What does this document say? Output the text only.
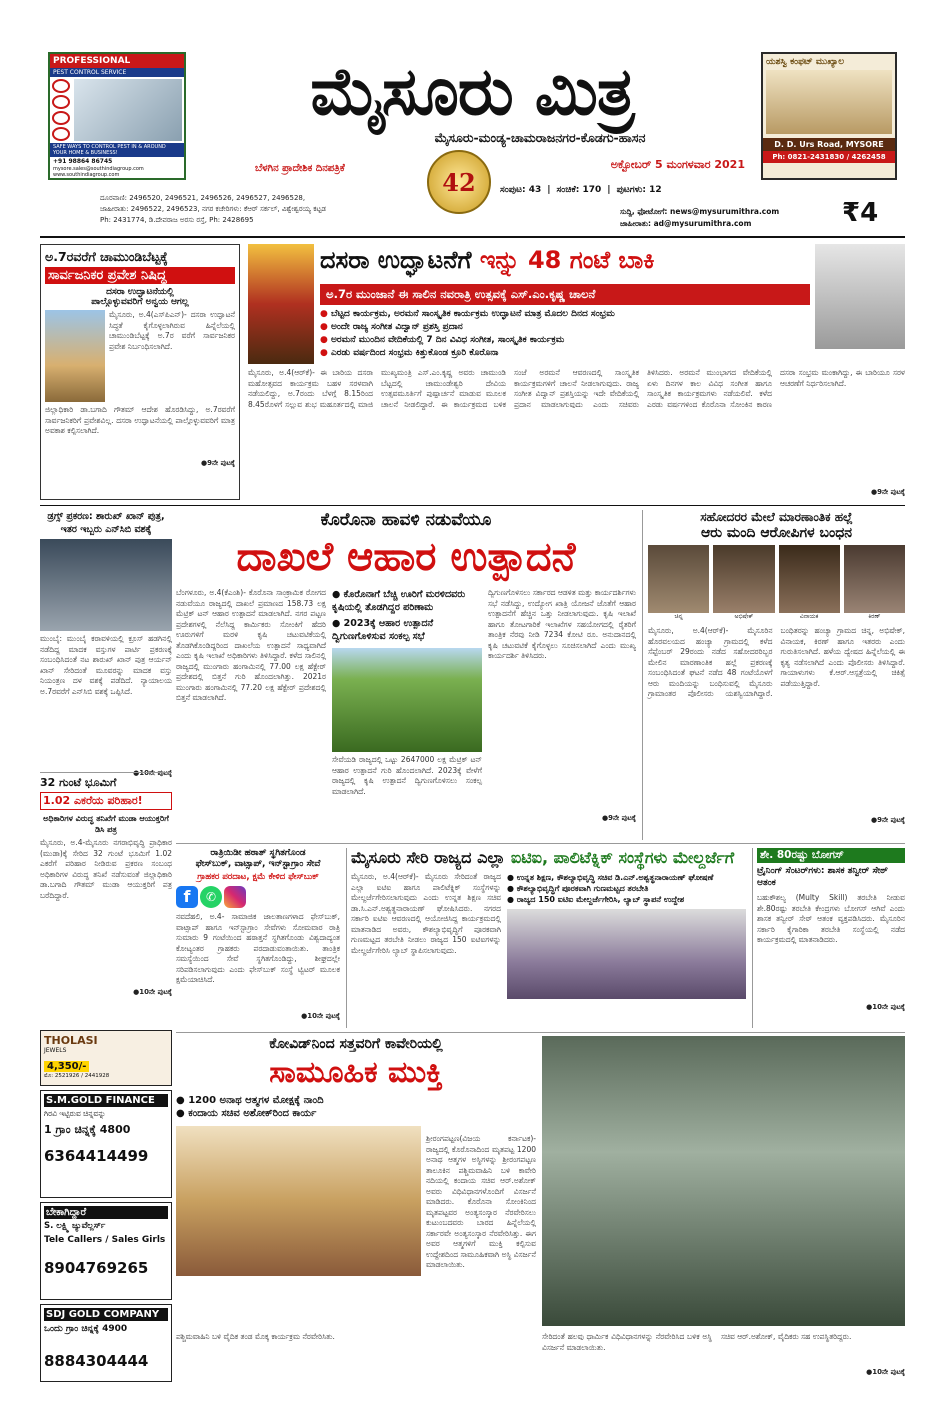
PROFESSIONAL
PEST CONTROL SERVICE
SAFE WAYS TO CONTROL PEST IN & AROUND YOUR HOME & BUSINESS!
+91 98864 86745
mysore.sales@southindiagroup.com
www.southindiagroup.com
ಮೈಸೂರು ಮಿತ್ರ
ಮೈಸೂರು-ಮಂಡ್ಯ-ಚಾಮರಾಜನಗರ-ಕೊಡಗು-ಹಾಸನ
ಬೆಳಗಿನ ಪ್ರಾದೇಶಿಕ ದಿನಪತ್ರಿಕೆ	42
ಅಕ್ಟೋಬರ್ 5 ಮಂಗಳವಾರ 2021
ಯಶಸ್ವಿ ಕಂಫಟ್ ಮುಖ್ಯಾಲ
D. D. Urs Road, MYSORE
Ph: 0821-2431830 / 4262458
ದೂರವಾಣಿ: 2496520, 2496521, 2496526, 2496527, 2496528,
ಜಾಹೀರಾತು: 2496522, 2496523, ನಗರ ಕಚೇರಿಗಳು: ಕೆಆರ್ ಸರ್ಕಲ್, ವಿಶ್ವೇಶ್ವರಯ್ಯ ಕಟ್ಟಡ
Ph: 2431774, ಡಿ.ದೇವರಾಜ ಅರಸು ರಸ್ತೆ, Ph: 2428695
ಸಂಪುಟ: 43 | ಸಂಚಿಕೆ: 170 | ಪುಟಗಳು: 12
ಸುದ್ದಿ, ಫೋಟೋಗೆ: news@mysurumithra.com
ಜಾಹೀರಾತು: ad@mysurumithra.com	₹4
ಅ.7ರವರೆಗೆ ಚಾಮುಂಡಿಬೆಟ್ಟಕ್ಕೆ
ಸಾರ್ವಜನಿಕರ ಪ್ರವೇಶ ನಿಷಿದ್ಧ
ದಸರಾ ಉದ್ಘಾಟನೆಯಲ್ಲಿ
ಪಾಲ್ಗೊಳ್ಳುವವರಿಗೆ ಅನ್ವಯ ಆಗಲ್ಲ
ಮೈಸೂರು, ಅ.4(ಎಸ್‌ಪಿಎನ್)- ದಸರಾ ಉದ್ಘಾಟನೆ ಸಿದ್ಧತೆ ಕೈಗೊಳ್ಳಲಾಗಿರುವ ಹಿನ್ನೆಲೆಯಲ್ಲಿ ಚಾಮುಂಡಿಬೆಟ್ಟಕ್ಕೆ ಅ.7ರ ವರೆಗೆ ಸಾರ್ವಜನಿಕರ ಪ್ರವೇಶ ನಿರ್ಬಂಧಿಸಲಾಗಿದೆ.
ಜಿಲ್ಲಾಧಿಕಾರಿ ಡಾ.ಬಗಾದಿ ಗೌತಮ್ ಆದೇಶ ಹೊರಡಿಸಿದ್ದು, ಅ.7ರವರೆಗೆ ಸಾರ್ವಜನಿಕರಿಗೆ ಪ್ರವೇಶವಿಲ್ಲ. ದಸರಾ ಉದ್ಘಾಟನೆಯಲ್ಲಿ ಪಾಲ್ಗೊಳ್ಳುವವರಿಗೆ ಮಾತ್ರ ಅವಕಾಶ ಕಲ್ಪಿಸಲಾಗಿದೆ.
●9ನೇ ಪುಟಕ್ಕೆ
ದಸರಾ ಉದ್ಘಾಟನೆಗೆ ಇನ್ನು 48 ಗಂಟೆ ಬಾಕಿ
ಅ.7ರ ಮುಂಜಾನೆ ಈ ಸಾಲಿನ ನವರಾತ್ರಿ ಉತ್ಸವಕ್ಕೆ ಎಸ್.ಎಂ.ಕೃಷ್ಣ ಚಾಲನೆ
● ಬೆಟ್ಟದ ಕಾರ್ಯಕ್ರಮ, ಅರಮನೆ ಸಾಂಸ್ಕೃತಿಕ ಕಾರ್ಯಕ್ರಮ ಉದ್ಘಾಟನೆ ಮಾತ್ರ ಮೊದಲ ದಿನದ ಸಂಭ್ರಮ
● ಅಂದೇ ರಾಜ್ಯ ಸಂಗೀತ ವಿದ್ವಾನ್ ಪ್ರಶಸ್ತಿ ಪ್ರದಾನ
● ಅರಮನೆ ಮುಂದಿನ ವೇದಿಕೆಯಲ್ಲಿ 7 ದಿನ ವಿವಿಧ ಸಂಗೀತ, ಸಾಂಸ್ಕೃತಿಕ ಕಾರ್ಯಕ್ರಮ
● ಎರಡು ವರ್ಷದಿಂದ ಸಂಭ್ರಮ ಕಿತ್ತುಕೊಂಡ ಕ್ರೂರಿ ಕೊರೊನಾ
ಮೈಸೂರು, ಅ.4(ಆರ್‌ಕೆ)- ಈ ಬಾರಿಯ ದಸರಾ ಮಹೋತ್ಸವದ ಕಾರ್ಯಕ್ರಮ ಬಹಳ ಸರಳವಾಗಿ ನಡೆಯಲಿದ್ದು, ಅ.7ರಂದು ಬೆಳಗ್ಗೆ 8.15ರಿಂದ 8.45ರೊಳಗೆ ಸಲ್ಲುವ ಶುಭ ಮಹೂರ್ತದಲ್ಲಿ ಮಾಜಿ ಮುಖ್ಯಮಂತ್ರಿ ಎಸ್.ಎಂ.ಕೃಷ್ಣ ಅವರು ಚಾಮುಂಡಿ ಬೆಟ್ಟದಲ್ಲಿ ಚಾಮುಂಡೇಶ್ವರಿ ದೇವಿಯ ಉತ್ಸವಮೂರ್ತಿಗೆ ಪುಷ್ಪಾರ್ಚನೆ ಮಾಡುವ ಮೂಲಕ ಚಾಲನೆ ನೀಡಲಿದ್ದಾರೆ. ಈ ಕಾರ್ಯಕ್ರಮದ ಬಳಿಕ ಸಂಜೆ ಅರಮನೆ ಆವರಣದಲ್ಲಿ ಸಾಂಸ್ಕೃತಿಕ ಕಾರ್ಯಕ್ರಮಗಳಿಗೆ ಚಾಲನೆ ನೀಡಲಾಗುವುದು. ರಾಜ್ಯ ಸಂಗೀತ ವಿದ್ವಾನ್ ಪ್ರಶಸ್ತಿಯನ್ನು ಇದೇ ವೇದಿಕೆಯಲ್ಲಿ ಪ್ರದಾನ ಮಾಡಲಾಗುವುದು ಎಂದು ಸಚಿವರು ತಿಳಿಸಿದರು. ಅರಮನೆ ಮುಂಭಾಗದ ವೇದಿಕೆಯಲ್ಲಿ ಏಳು ದಿನಗಳ ಕಾಲ ವಿವಿಧ ಸಂಗೀತ ಹಾಗೂ ಸಾಂಸ್ಕೃತಿಕ ಕಾರ್ಯಕ್ರಮಗಳು ನಡೆಯಲಿವೆ. ಕಳೆದ ಎರಡು ವರ್ಷಗಳಿಂದ ಕೊರೊನಾ ಸೋಂಕಿನ ಕಾರಣ ದಸರಾ ಸಂಭ್ರಮ ಮಂಕಾಗಿದ್ದು, ಈ ಬಾರಿಯೂ ಸರಳ ಆಚರಣೆಗೆ ನಿರ್ಧರಿಸಲಾಗಿದೆ.
●9ನೇ ಪುಟಕ್ಕೆ
ಡ್ರಗ್ಸ್ ಪ್ರಕರಣ: ಶಾರುಖ್ ಖಾನ್ ಪುತ್ರ, ಇತರ ಇಬ್ಬರು ಎನ್‌ಸಿಬಿ ವಶಕ್ಕೆ
ಮುಂಬೈ: ಮುಂಬೈ ಕರಾವಳಿಯಲ್ಲಿ ಕ್ರೂಸ್ ಹಡಗಿನಲ್ಲಿ ನಡೆದಿದ್ದ ಮಾದಕ ವಸ್ತುಗಳ ಪಾರ್ಟಿ ಪ್ರಕರಣಕ್ಕೆ ಸಂಬಂಧಿಸಿದಂತೆ ನಟ ಶಾರುಖ್ ಖಾನ್ ಪುತ್ರ ಆರ್ಯನ್ ಖಾನ್ ಸೇರಿದಂತೆ ಮೂವರನ್ನು ಮಾದಕ ವಸ್ತು ನಿಯಂತ್ರಣ ದಳ ವಶಕ್ಕೆ ಪಡೆದಿದೆ. ನ್ಯಾಯಾಲಯ ಅ.7ರವರೆಗೆ ಎನ್‌ಸಿಬಿ ವಶಕ್ಕೆ ಒಪ್ಪಿಸಿದೆ.
●10ನೇ ಪುಟಕ್ಕೆ
32 ಗುಂಟೆ ಭೂಮಿಗೆ
1.02 ಎಕರೆಯ ಪರಿಹಾರ!
ಅಧಿಕಾರಿಗಳ ವಿರುದ್ಧ ತನಿಖೆಗೆ ಮುಡಾ ಆಯುಕ್ತರಿಗೆ ಡಿಸಿ ಪತ್ರ
ಮೈಸೂರು, ಅ.4-ಮೈಸೂರು ನಗರಾಭಿವೃದ್ಧಿ ಪ್ರಾಧಿಕಾರ (ಮುಡಾ)ಕ್ಕೆ ಸೇರಿದ 32 ಗುಂಟೆ ಭೂಮಿಗೆ 1.02 ಎಕರೆಗೆ ಪರಿಹಾರ ನೀಡಿರುವ ಪ್ರಕರಣ ಸಂಬಂಧ ಅಧಿಕಾರಿಗಳ ವಿರುದ್ಧ ತನಿಖೆ ನಡೆಸುವಂತೆ ಜಿಲ್ಲಾಧಿಕಾರಿ ಡಾ.ಬಗಾದಿ ಗೌತಮ್ ಮುಡಾ ಆಯುಕ್ತರಿಗೆ ಪತ್ರ ಬರೆದಿದ್ದಾರೆ.
●10ನೇ ಪುಟಕ್ಕೆ
ಕೊರೊನಾ ಹಾವಳಿ ನಡುವೆಯೂ
ದಾಖಲೆ ಆಹಾರ ಉತ್ಪಾದನೆ
ಬೆಂಗಳೂರು, ಅ.4(ಕೆಎಂಶಿ)- ಕೊರೊನಾ ಸಾಂಕ್ರಾಮಿಕ ರೋಗದ ನಡುವೆಯೂ ರಾಜ್ಯದಲ್ಲಿ ದಾಖಲೆ ಪ್ರಮಾಣದ 158.73 ಲಕ್ಷ ಮೆಟ್ರಿಕ್ ಟನ್ ಆಹಾರ ಉತ್ಪಾದನೆ ಮಾಡಲಾಗಿದೆ. ನಗರ ಪಟ್ಟಣ ಪ್ರದೇಶಗಳಲ್ಲಿ ನೆಲೆಸಿದ್ದ ಕಾರ್ಮಿಕರು ಸೋಂಕಿಗೆ ಹೆದರಿ ಊರುಗಳಿಗೆ ಮರಳಿ ಕೃಷಿ ಚಟುವಟಿಕೆಯಲ್ಲಿ ತೊಡಗಿಕೊಂಡಿದ್ದರಿಂದ ದಾಖಲೆಯ ಉತ್ಪಾದನೆ ಸಾಧ್ಯವಾಗಿದೆ ಎಂದು ಕೃಷಿ ಇಲಾಖೆ ಅಧಿಕಾರಿಗಳು ತಿಳಿಸಿದ್ದಾರೆ. ಕಳೆದ ಸಾಲಿನಲ್ಲಿ ರಾಜ್ಯದಲ್ಲಿ ಮುಂಗಾರು ಹಂಗಾಮಿನಲ್ಲಿ 77.00 ಲಕ್ಷ ಹೆಕ್ಟೇರ್ ಪ್ರದೇಶದಲ್ಲಿ ಬಿತ್ತನೆ ಗುರಿ ಹೊಂದಲಾಗಿತ್ತು. 2021ರ ಮುಂಗಾರು ಹಂಗಾಮಿನಲ್ಲಿ 77.20 ಲಕ್ಷ ಹೆಕ್ಟೇರ್ ಪ್ರದೇಶದಲ್ಲಿ ಬಿತ್ತನೆ ಮಾಡಲಾಗಿದೆ.
● ಕೊರೊನಾಗೆ ಬೆಚ್ಚಿ ಊರಿಗೆ ಮರಳಿದವರು ಕೃಷಿಯಲ್ಲಿ ತೊಡಗಿದ್ದರ ಪರಿಣಾಮ
● 2023ಕ್ಕೆ ಆಹಾರ ಉತ್ಪಾದನೆ ದ್ವಿಗುಣಗೊಳಿಸುವ ಸಂಕಲ್ಪ ಸಭೆ
ಸೇವೆಯಡಿ ರಾಜ್ಯದಲ್ಲಿ ಒಟ್ಟು 2647000 ಲಕ್ಷ ಮೆಟ್ರಿಕ್ ಟನ್ ಆಹಾರ ಉತ್ಪಾದನೆ ಗುರಿ ಹೊಂದಲಾಗಿದೆ. 2023ಕ್ಕೆ ವೇಳೆಗೆ ರಾಜ್ಯದಲ್ಲಿ ಕೃಷಿ ಉತ್ಪಾದನೆ ದ್ವಿಗುಣಗೊಳಿಸಲು ಸಂಕಲ್ಪ ಮಾಡಲಾಗಿದೆ.
ದ್ವಿಗುಣಗೊಳಿಸಲು ಸರ್ಕಾರದ ಆಡಳಿತ ಮತ್ತು ಕಾರ್ಯದರ್ಶಿಗಳು ಸಭೆ ನಡೆಸಿದ್ದು, ಉದ್ಯೋಗ ಖಾತ್ರಿ ಯೋಜನೆ ಜೊತೆಗೆ ಆಹಾರ ಉತ್ಪಾದನೆಗೆ ಹೆಚ್ಚಿನ ಒತ್ತು ನೀಡಲಾಗುವುದು. ಕೃಷಿ ಇಲಾಖೆ ಹಾಗೂ ತೋಟಗಾರಿಕೆ ಇಲಾಖೆಗಳ ಸಹಯೋಗದಲ್ಲಿ ರೈತರಿಗೆ ತಾಂತ್ರಿಕ ನೆರವು ನೀಡಿ 7234 ಕೋಟಿ ರೂ. ಅನುದಾನದಲ್ಲಿ ಕೃಷಿ ಚಟುವಟಿಕೆ ಕೈಗೊಳ್ಳಲು ಸೂಚಿಸಲಾಗಿದೆ ಎಂದು ಮುಖ್ಯ ಕಾರ್ಯದರ್ಶಿ ತಿಳಿಸಿದರು.
●9ನೇ ಪುಟಕ್ಕೆ
ಸಹೋದರರ ಮೇಲೆ ಮಾರಣಾಂತಿಕ ಹಲ್ಲೆ
ಆರು ಮಂದಿ ಆರೋಪಿಗಳ ಬಂಧನ
ಚಿನ್ನ	ಅಭಿಷೇಕ್	ವಿನಾಯಕ	ಕಿರಣ್
ಮೈಸೂರು, ಅ.4(ಆರ್‌ಕೆ)- ಮೈಸೂರಿನ ಹೊರವಲಯದ ಹಂಚ್ಯಾ ಗ್ರಾಮದಲ್ಲಿ ಕಳೆದ ಸೆಪ್ಟೆಂಬರ್ 29ರಂದು ನಡೆದ ಸಹೋದರರಿಬ್ಬರ ಮೇಲಿನ ಮಾರಣಾಂತಿಕ ಹಲ್ಲೆ ಪ್ರಕರಣಕ್ಕೆ ಸಂಬಂಧಿಸಿದಂತೆ ಘಟನೆ ನಡೆದ 48 ಗಂಟೆಯೊಳಗೆ ಆರು ಮಂದಿಯನ್ನು ಬಂಧಿಸುವಲ್ಲಿ ಮೈಸೂರು ಗ್ರಾಮಾಂತರ ಪೊಲೀಸರು ಯಶಸ್ವಿಯಾಗಿದ್ದಾರೆ. ಬಂಧಿತರನ್ನು ಹಂಚ್ಯಾ ಗ್ರಾಮದ ಚಿನ್ನ, ಅಭಿಷೇಕ್, ವಿನಾಯಕ, ಕಿರಣ್ ಹಾಗೂ ಇತರರು ಎಂದು ಗುರುತಿಸಲಾಗಿದೆ. ಹಳೆಯ ದ್ವೇಷದ ಹಿನ್ನೆಲೆಯಲ್ಲಿ ಈ ಕೃತ್ಯ ನಡೆಸಲಾಗಿದೆ ಎಂದು ಪೊಲೀಸರು ತಿಳಿಸಿದ್ದಾರೆ. ಗಾಯಾಳುಗಳು ಕೆ.ಆರ್.ಆಸ್ಪತ್ರೆಯಲ್ಲಿ ಚಿಕಿತ್ಸೆ ಪಡೆಯುತ್ತಿದ್ದಾರೆ.
●9ನೇ ಪುಟಕ್ಕೆ
ರಾತ್ರಿಯಿಡೀ ಹಠಾತ್ ಸ್ಥಗಿತಗೊಂಡ
ಫೇಸ್‌ಬುಕ್, ವಾಟ್ಸಾಪ್, ಇನ್‌ಸ್ಟಾಗ್ರಾಂ ಸೇವೆ
ಗ್ರಾಹಕರ ಪರದಾಟ, ಕ್ಷಮೆ ಕೇಳಿದ ಫೇಸ್‌ಬುಕ್
f	✆
ನವದೆಹಲಿ, ಅ.4- ಸಾಮಾಜಿಕ ಜಾಲತಾಣಗಳಾದ ಫೇಸ್‌ಬುಕ್, ವಾಟ್ಸಾಪ್ ಹಾಗೂ ಇನ್‌ಸ್ಟಾಗ್ರಾಂ ಸೇವೆಗಳು ಸೋಮವಾರ ರಾತ್ರಿ ಸುಮಾರು 9 ಗಂಟೆಯಿಂದ ಹಠಾತ್ತನೆ ಸ್ಥಗಿತಗೊಂಡು ವಿಶ್ವದಾದ್ಯಂತ ಕೋಟ್ಯಂತರ ಗ್ರಾಹಕರು ಪರದಾಡುವಂತಾಯಿತು. ತಾಂತ್ರಿಕ ಸಮಸ್ಯೆಯಿಂದ ಸೇವೆ ಸ್ಥಗಿತಗೊಂಡಿದ್ದು, ಶೀಘ್ರದಲ್ಲೇ ಸರಿಪಡಿಸಲಾಗುವುದು ಎಂದು ಫೇಸ್‌ಬುಕ್ ಸಂಸ್ಥೆ ಟ್ವಿಟರ್ ಮೂಲಕ ಕ್ಷಮೆಯಾಚಿಸಿದೆ.
●10ನೇ ಪುಟಕ್ಕೆ
ಮೈಸೂರು ಸೇರಿ ರಾಜ್ಯದ ಎಲ್ಲಾ ಐಟಿಐ, ಪಾಲಿಟೆಕ್ನಿಕ್ ಸಂಸ್ಥೆಗಳು ಮೇಲ್ದರ್ಜೆಗೆ
ಮೈಸೂರು, ಅ.4(ಆರ್‌ಕೆ)- ಮೈಸೂರು ಸೇರಿದಂತೆ ರಾಜ್ಯದ ಎಲ್ಲಾ ಐಟಿಐ ಹಾಗೂ ಪಾಲಿಟೆಕ್ನಿಕ್ ಸಂಸ್ಥೆಗಳನ್ನು ಮೇಲ್ದರ್ಜೆಗೇರಿಸಲಾಗುವುದು ಎಂದು ಉನ್ನತ ಶಿಕ್ಷಣ ಸಚಿವ ಡಾ.ಸಿ.ಎನ್.ಅಶ್ವತ್ಥನಾರಾಯಣ್ ಘೋಷಿಸಿದರು. ನಗರದ ಸರ್ಕಾರಿ ಐಟಿಐ ಆವರಣದಲ್ಲಿ ಆಯೋಜಿಸಿದ್ದ ಕಾರ್ಯಕ್ರಮದಲ್ಲಿ ಮಾತನಾಡಿದ ಅವರು, ಕೌಶಲ್ಯಾಭಿವೃದ್ಧಿಗೆ ಪೂರಕವಾಗಿ ಗುಣಮಟ್ಟದ ತರಬೇತಿ ನೀಡಲು ರಾಜ್ಯದ 150 ಐಟಿಐಗಳನ್ನು ಮೇಲ್ದರ್ಜೆಗೇರಿಸಿ ಲ್ಯಾಬ್ ಸ್ಥಾಪಿಸಲಾಗುವುದು.
● ಉನ್ನತ ಶಿಕ್ಷಣ, ಕೌಶಲ್ಯಾಭಿವೃದ್ಧಿ ಸಚಿವ ಡಿ.ಎನ್.ಅಶ್ವತ್ಥನಾರಾಯಣ್ ಘೋಷಣೆ
● ಕೌಶಲ್ಯಾಭಿವೃದ್ಧಿಗೆ ಪೂರಕವಾಗಿ ಗುಣಮಟ್ಟದ ತರಬೇತಿ
● ರಾಜ್ಯದ 150 ಐಟಿಐ ಮೇಲ್ದರ್ಜೆಗೇರಿಸಿ, ಲ್ಯಾಬ್ ಸ್ಥಾಪನೆ ಉದ್ದೇಶ
ಶೇ. 80ರಷ್ಟು ಬೋಗಸ್
ಟ್ರೈನಿಂಗ್ ಸೆಂಟರ್‌ಗಳು: ಶಾಸಕ ತನ್ವೀರ್ ಸೇಠ್ ಆತಂಕ
ಬಹುಕೌಶಲ್ಯ (Multy Skill) ತರಬೇತಿ ನೀಡುವ ಶೇ.80ರಷ್ಟು ತರಬೇತಿ ಕೇಂದ್ರಗಳು ಬೋಗಸ್ ಆಗಿವೆ ಎಂದು ಶಾಸಕ ತನ್ವೀರ್ ಸೇಠ್ ಆತಂಕ ವ್ಯಕ್ತಪಡಿಸಿದರು. ಮೈಸೂರಿನ ಸರ್ಕಾರಿ ಕೈಗಾರಿಕಾ ತರಬೇತಿ ಸಂಸ್ಥೆಯಲ್ಲಿ ನಡೆದ ಕಾರ್ಯಕ್ರಮದಲ್ಲಿ ಮಾತನಾಡಿದರು.
●10ನೇ ಪುಟಕ್ಕೆ
THOLASI
JEWELS
4,350/-
ಮೊ: 2521926 / 2441928
S.M.GOLD FINANCE
ಗಿರವಿ ಇಟ್ಟಿರುವ ಚಿನ್ನವನ್ನು
1 ಗ್ರಾಂ ಚಿನ್ನಕ್ಕೆ 4800
6364414499
ಬೇಕಾಗಿದ್ದಾರೆ
S. ಲಕ್ಷ್ಮಿ ಜ್ಯುವೆಲ್ಲರ್ಸ್
Tele Callers / Sales Girls
8904769265
SDJ GOLD COMPANY
ಒಂದು ಗ್ರಾಂ ಚಿನ್ನಕ್ಕೆ 4900
8884304444
ಕೋವಿಡ್‌ನಿಂದ ಸತ್ತವರಿಗೆ ಕಾವೇರಿಯಲ್ಲಿ
ಸಾಮೂಹಿಕ ಮುಕ್ತಿ
● 1200 ಅನಾಥ ಆತ್ಮಗಳ ಮೋಕ್ಷಕ್ಕೆ ನಾಂದಿ
● ಕಂದಾಯ ಸಚಿವ ಅಶೋಕ್‌ರಿಂದ ಕಾರ್ಯ
ಶ್ರೀರಂಗಪಟ್ಟಣ(ವಿಜಯ ಕರ್ನಾಟಕ)- ರಾಜ್ಯದಲ್ಲಿ ಕೊರೊನಾದಿಂದ ಮೃತಪಟ್ಟ 1200 ಅನಾಥ ಆತ್ಮಗಳ ಅಸ್ಥಿಗಳನ್ನು ಶ್ರೀರಂಗಪಟ್ಟಣ ತಾಲೂಕಿನ ಪಶ್ಚಿಮವಾಹಿನಿ ಬಳಿ ಕಾವೇರಿ ನದಿಯಲ್ಲಿ ಕಂದಾಯ ಸಚಿವ ಆರ್.ಅಶೋಕ್ ಅವರು ವಿಧಿವಿಧಾನಗಳೊಂದಿಗೆ ವಿಸರ್ಜನೆ ಮಾಡಿದರು. ಕೊರೊನಾ ಸೋಂಕಿನಿಂದ ಮೃತಪಟ್ಟವರ ಅಂತ್ಯಸಂಸ್ಕಾರ ನೆರವೇರಿಸಲು ಕುಟುಂಬದವರು ಬಾರದ ಹಿನ್ನೆಲೆಯಲ್ಲಿ ಸರ್ಕಾರವೇ ಅಂತ್ಯಸಂಸ್ಕಾರ ನೆರವೇರಿಸಿತ್ತು. ಈಗ ಅವರ ಆತ್ಮಗಳಿಗೆ ಮುಕ್ತಿ ಕಲ್ಪಿಸುವ ಉದ್ದೇಶದಿಂದ ಸಾಮೂಹಿಕವಾಗಿ ಅಸ್ಥಿ ವಿಸರ್ಜನೆ ಮಾಡಲಾಯಿತು.
ಪಶ್ಚಿಮವಾಹಿನಿ ಬಳಿ ವೈದಿಕ ತಂಡ ಮೊಕ್ಕ ಕಾರ್ಯಕ್ರಮ ನೆರವೇರಿಸಿತು.	ಸೇರಿದಂತೆ ಹಲವು ಧಾರ್ಮಿಕ ವಿಧಿವಿಧಾನಗಳನ್ನು ನೆರವೇರಿಸಿದ ಬಳಿಕ ಅಸ್ಥಿ ವಿಸರ್ಜನೆ ಮಾಡಲಾಯಿತು.
ಸಚಿವ ಆರ್.ಅಶೋಕ್, ವೈದಿಕರು ಸಹ ಉಪಸ್ಥಿತರಿದ್ದರು.
●10ನೇ ಪುಟಕ್ಕೆ
